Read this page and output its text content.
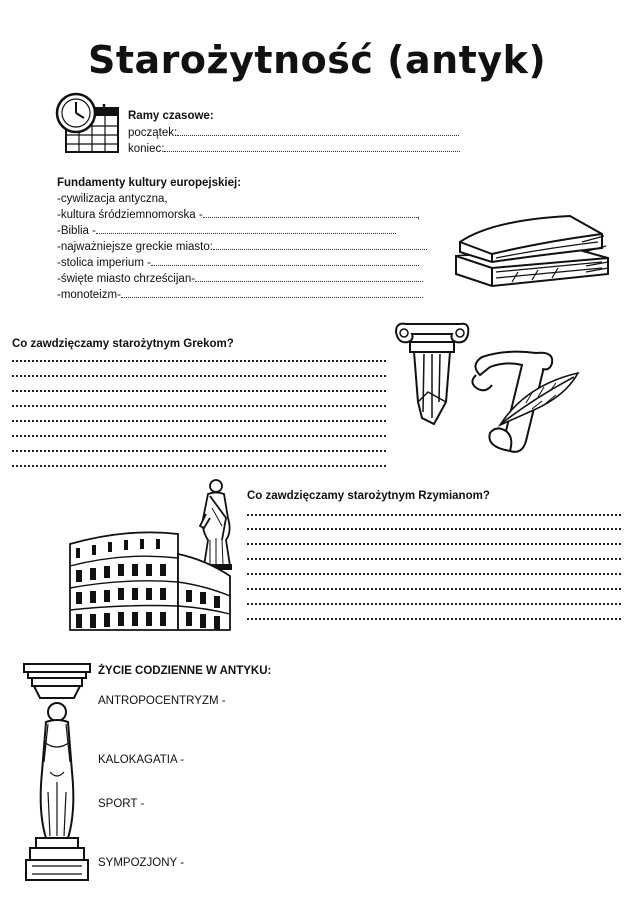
Starożytność (antyk)
Ramy czasowe:
początek:
koniec:
Fundamenty kultury europejskiej:
-cywilizacja antyczna,
-kultura śródziemnomorska -	,
-Biblia -
-najważniejsze greckie miasto:
-stolica imperium -
-święte miasto chrześcijan-
-monoteizm-
Co zawdzięczamy starożytnym Grekom?
Co zawdzięczamy starożytnym Rzymianom?
ŻYCIE CODZIENNE W ANTYKU:
ANTROPOCENTRYZM -
KALOKAGATIA -
SPORT -
SYMPOZJONY -
